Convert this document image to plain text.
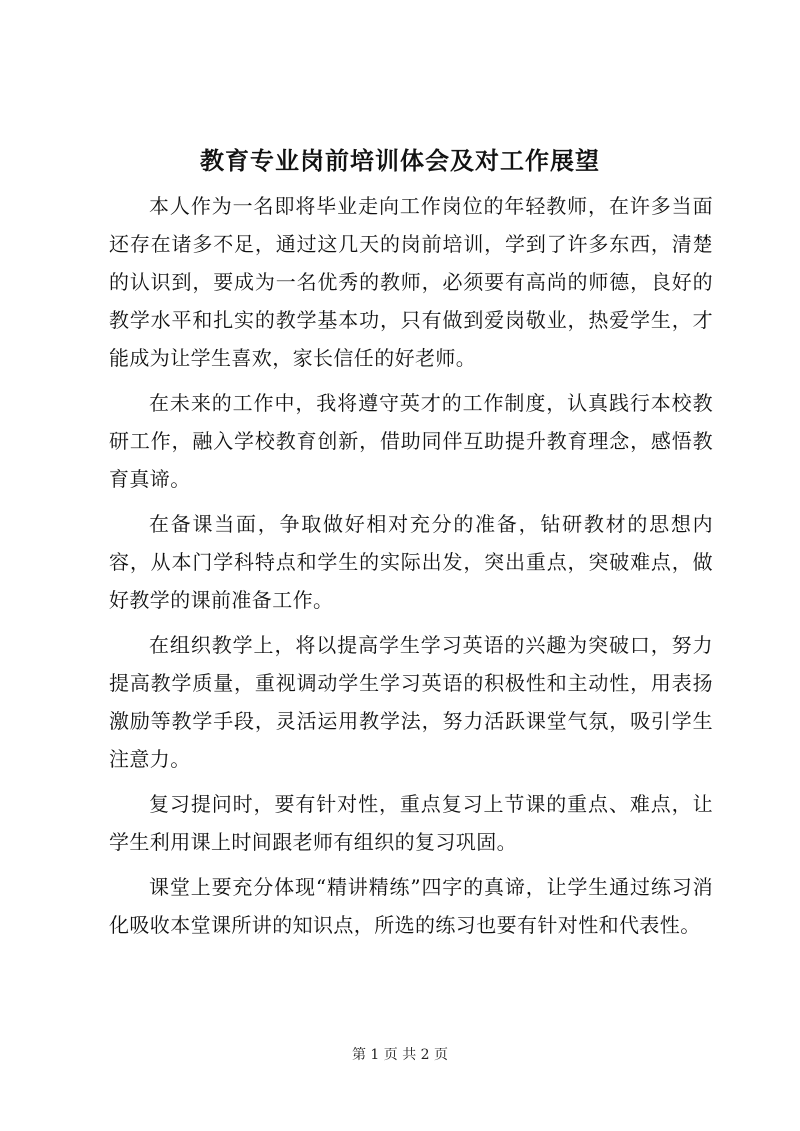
教育专业岗前培训体会及对工作展望

本人作为一名即将毕业走向工作岗位的年轻教师，在许多当面还存在诸多不足，通过这几天的岗前培训，学到了许多东西，清楚的认识到，要成为一名优秀的教师，必须要有高尚的师德，良好的教学水平和扎实的教学基本功，只有做到爱岗敬业，热爱学生，才能成为让学生喜欢，家长信任的好老师。

在未来的工作中，我将遵守英才的工作制度，认真践行本校教研工作，融入学校教育创新，借助同伴互助提升教育理念，感悟教育真谛。

在备课当面，争取做好相对充分的准备，钻研教材的思想内容，从本门学科特点和学生的实际出发，突出重点，突破难点，做好教学的课前准备工作。

在组织教学上，将以提高学生学习英语的兴趣为突破口，努力提高教学质量，重视调动学生学习英语的积极性和主动性，用表扬激励等教学手段，灵活运用教学法，努力活跃课堂气氛，吸引学生注意力。

复习提问时，要有针对性，重点复习上节课的重点、难点，让学生利用课上时间跟老师有组织的复习巩固。

课堂上要充分体现“精讲精练”四字的真谛，让学生通过练习消化吸收本堂课所讲的知识点，所选的练习也要有针对性和代表性。

第 1 页 共 2 页
